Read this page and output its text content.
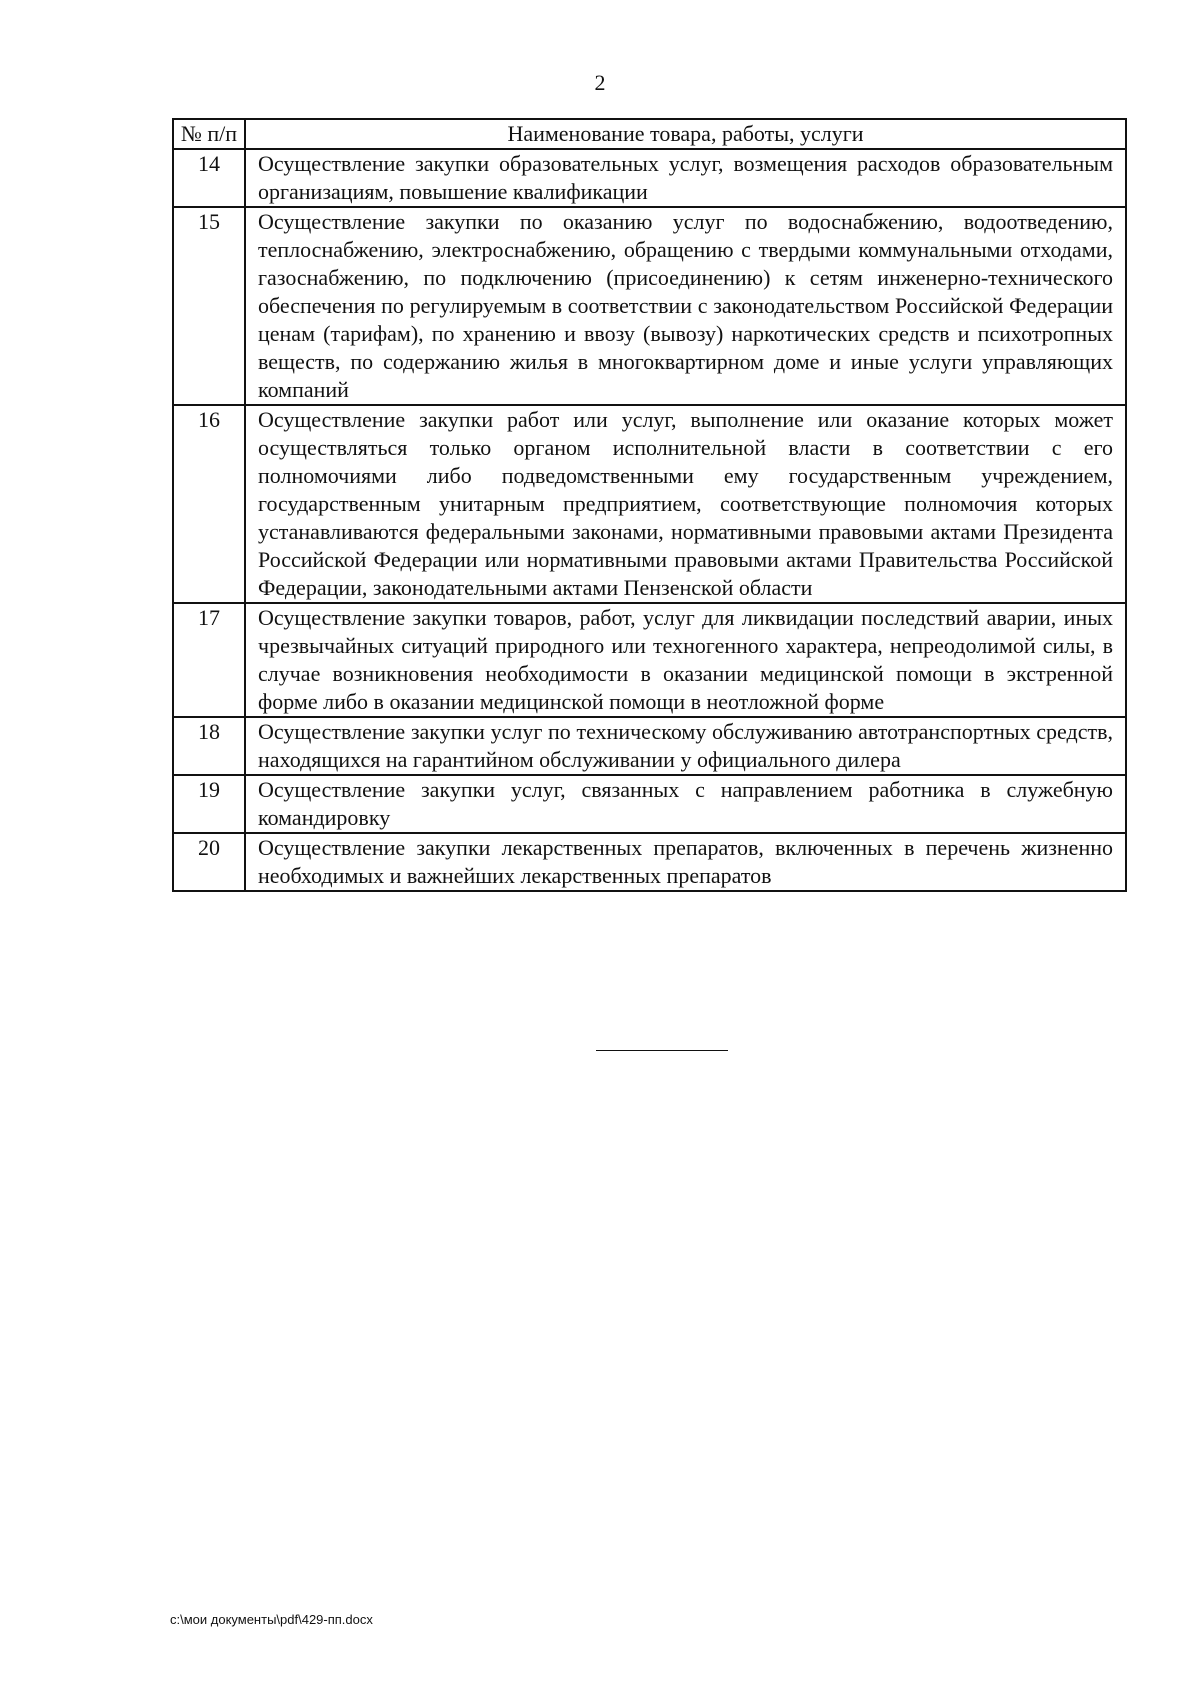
2
№ п/п	Наименование товара, работы, услуги
14	Осуществление закупки образовательных услуг, возмещения расходов образовательным организациям, повышение квалификации
15	Осуществление закупки по оказанию услуг по водоснабжению, водоотведению, теплоснабжению, электроснабжению, обращению с твердыми коммунальными отходами, газоснабжению, по подключению (присоединению) к сетям инженерно-технического обеспечения по регулируемым в соответствии с законодательством Российской Федерации ценам (тарифам), по хранению и ввозу (вывозу) наркотических средств и психотропных веществ, по содержанию жилья в многоквартирном доме и иные услуги управляющих компаний
16	Осуществление закупки работ или услуг, выполнение или оказание которых может осуществляться только органом исполнительной власти в соответствии с его полномочиями либо подведомственными ему государственным учреждением, государственным унитарным предприятием, соответствующие полномочия которых устанавливаются федеральными законами, нормативными правовыми актами Президента Российской Федерации или нормативными правовыми актами Правительства Российской Федерации, законодательными актами Пензенской области
17	Осуществление закупки товаров, работ, услуг для ликвидации последствий аварии, иных чрезвычайных ситуаций природного или техногенного характера, непреодолимой силы, в случае возникновения необходимости в оказании медицинской помощи в экстренной форме либо в оказании медицинской помощи в неотложной форме
18	Осуществление закупки услуг по техническому обслуживанию автотранспортных средств, находящихся на гарантийном обслуживании у официального дилера
19	Осуществление закупки услуг, связанных с направлением работника в служебную командировку
20	Осуществление закупки лекарственных препаратов, включенных в перечень жизненно необходимых и важнейших лекарственных препаратов
c:\мои документы\pdf\429-пп.docx
